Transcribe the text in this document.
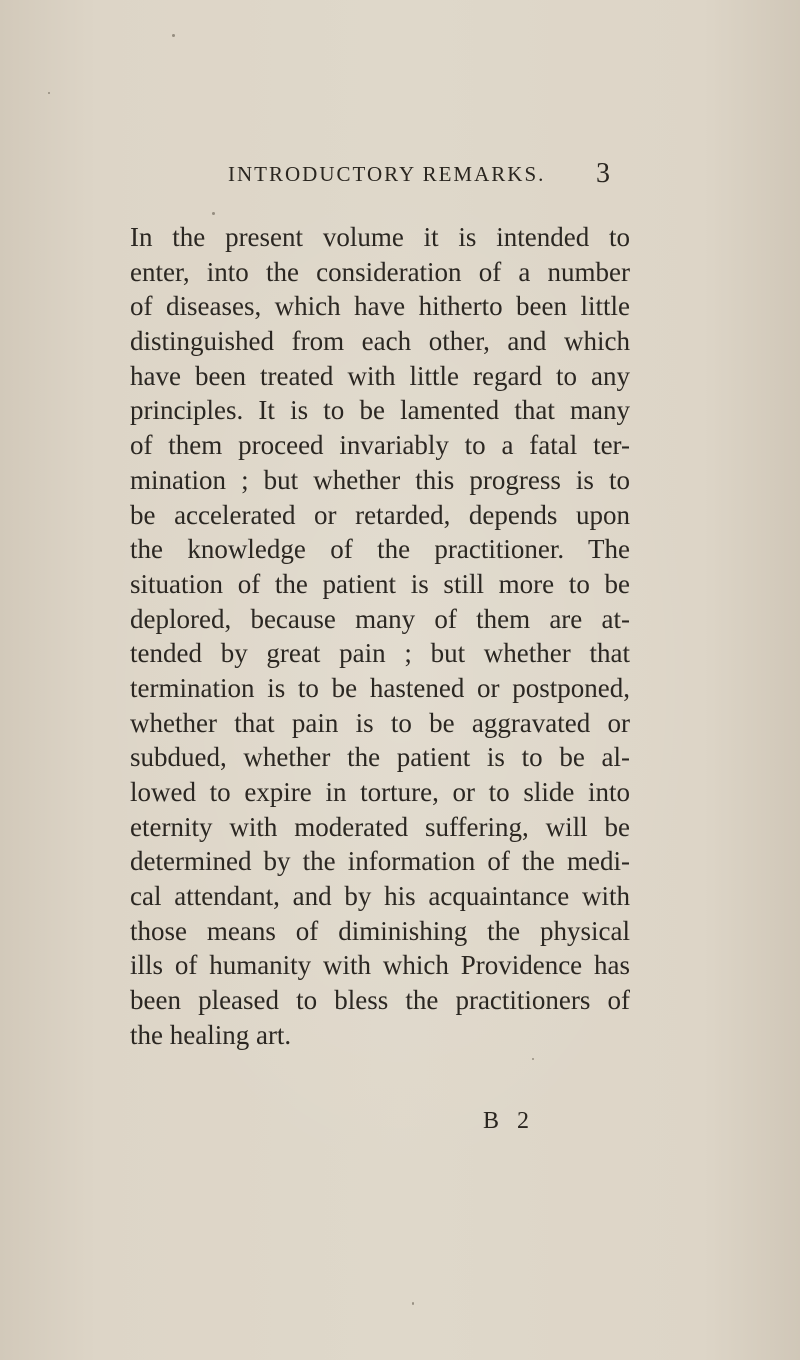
INTRODUCTORY REMARKS. 3
In the present volume it is intended to
enter, into the consideration of a number
of diseases, which have hitherto been little
distinguished from each other, and which
have been treated with little regard to any
principles. It is to be lamented that many
of them proceed invariably to a fatal ter-
mination ; but whether this progress is to
be accelerated or retarded, depends upon
the knowledge of the practitioner. The
situation of the patient is still more to be
deplored, because many of them are at-
tended by great pain ; but whether that
termination is to be hastened or postponed,
whether that pain is to be aggravated or
subdued, whether the patient is to be al-
lowed to expire in torture, or to slide into
eternity with moderated suffering, will be
determined by the information of the medi-
cal attendant, and by his acquaintance with
those means of diminishing the physical
ills of humanity with which Providence has
been pleased to bless the practitioners of
the healing art.
B 2
